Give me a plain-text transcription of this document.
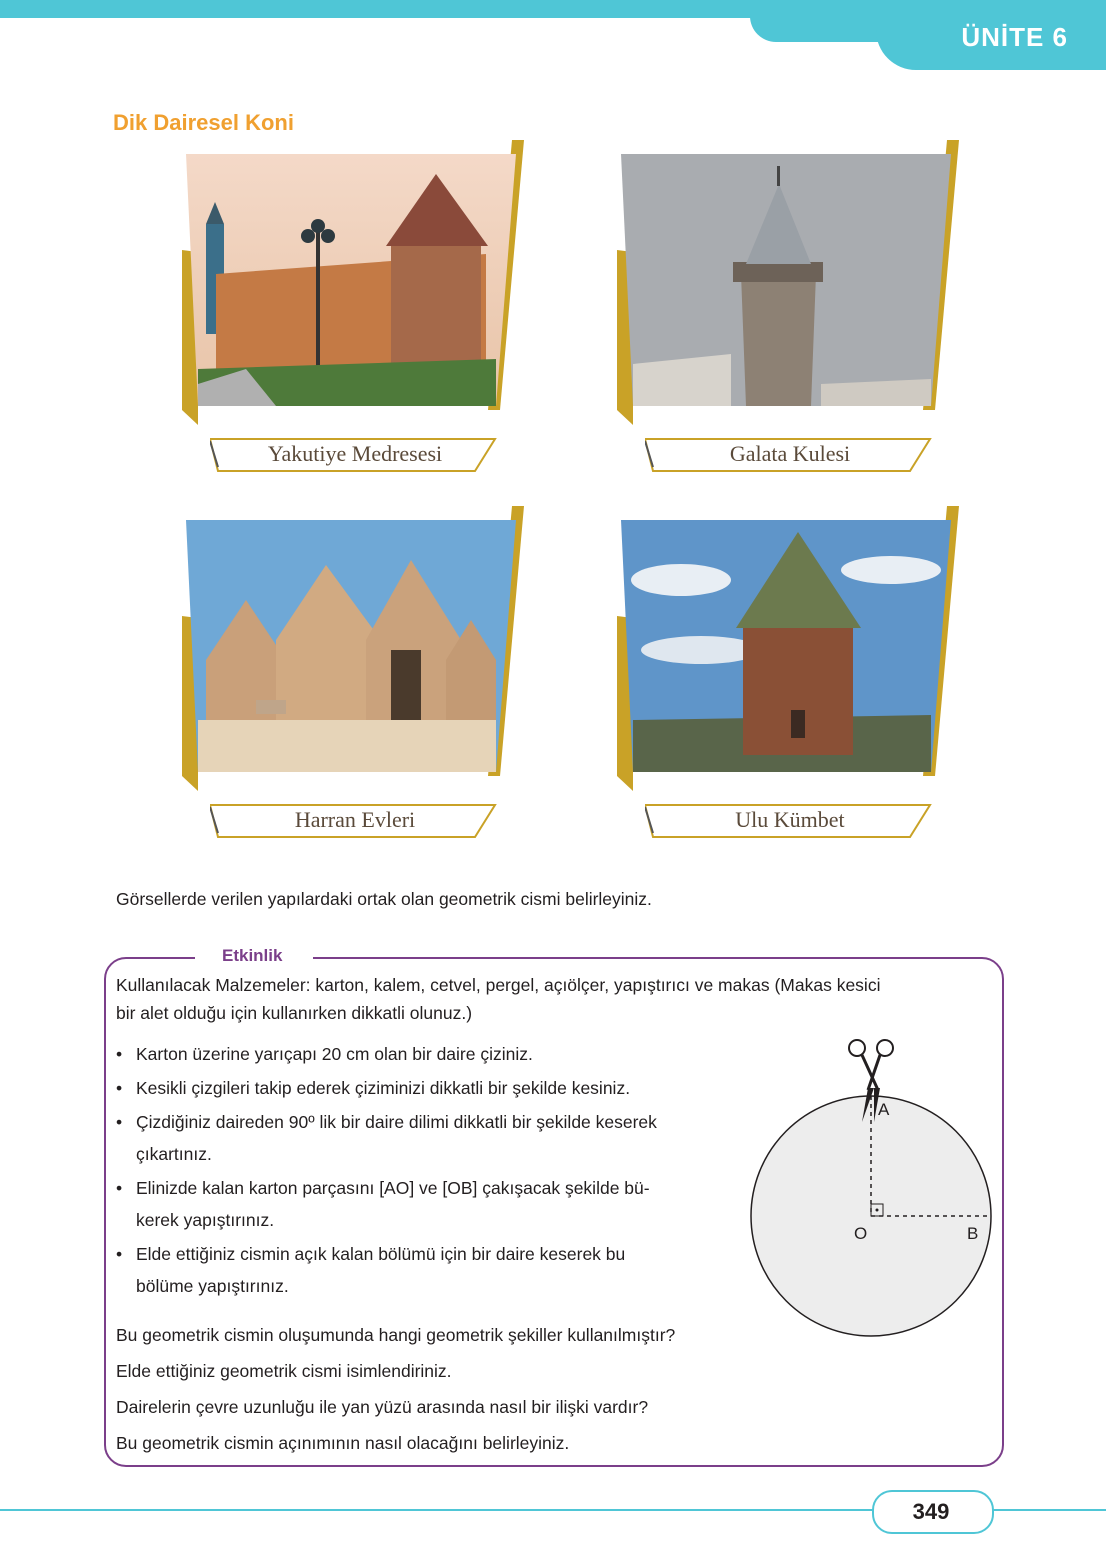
ÜNİTE 6
Dik Dairesel Koni
Yakutiye Medresesi	Galata Kulesi
Harran Evleri	Ulu Kümbet
Görsellerde verilen yapılardaki ortak olan geometrik cismi belirleyiniz.
Etkinlik
Kullanılacak Malzemeler: karton, kalem, cetvel, pergel, açıölçer, yapıştırıcı ve makas (Makas kesici
bir alet olduğu için kullanırken dikkatli olunuz.)
• Karton üzerine yarıçapı 20 cm olan bir daire çiziniz.
• Kesikli çizgileri takip ederek çiziminizi dikkatli bir şekilde kesiniz.
• Çizdiğiniz daireden 90º lik bir daire dilimi dikkatli bir şekilde keserek
çıkartınız.
• Elinizde kalan karton parçasını [AO] ve [OB] çakışacak şekilde bü-
kerek yapıştırınız.
• Elde ettiğiniz cismin açık kalan bölümü için bir daire keserek bu
bölüme yapıştırınız.
A
O	B
Bu geometrik cismin oluşumunda hangi geometrik şekiller kullanılmıştır?
Elde ettiğiniz geometrik cismi isimlendiriniz.
Dairelerin çevre uzunluğu ile yan yüzü arasında nasıl bir ilişki vardır?
Bu geometrik cismin açınımının nasıl olacağını belirleyiniz.
349
